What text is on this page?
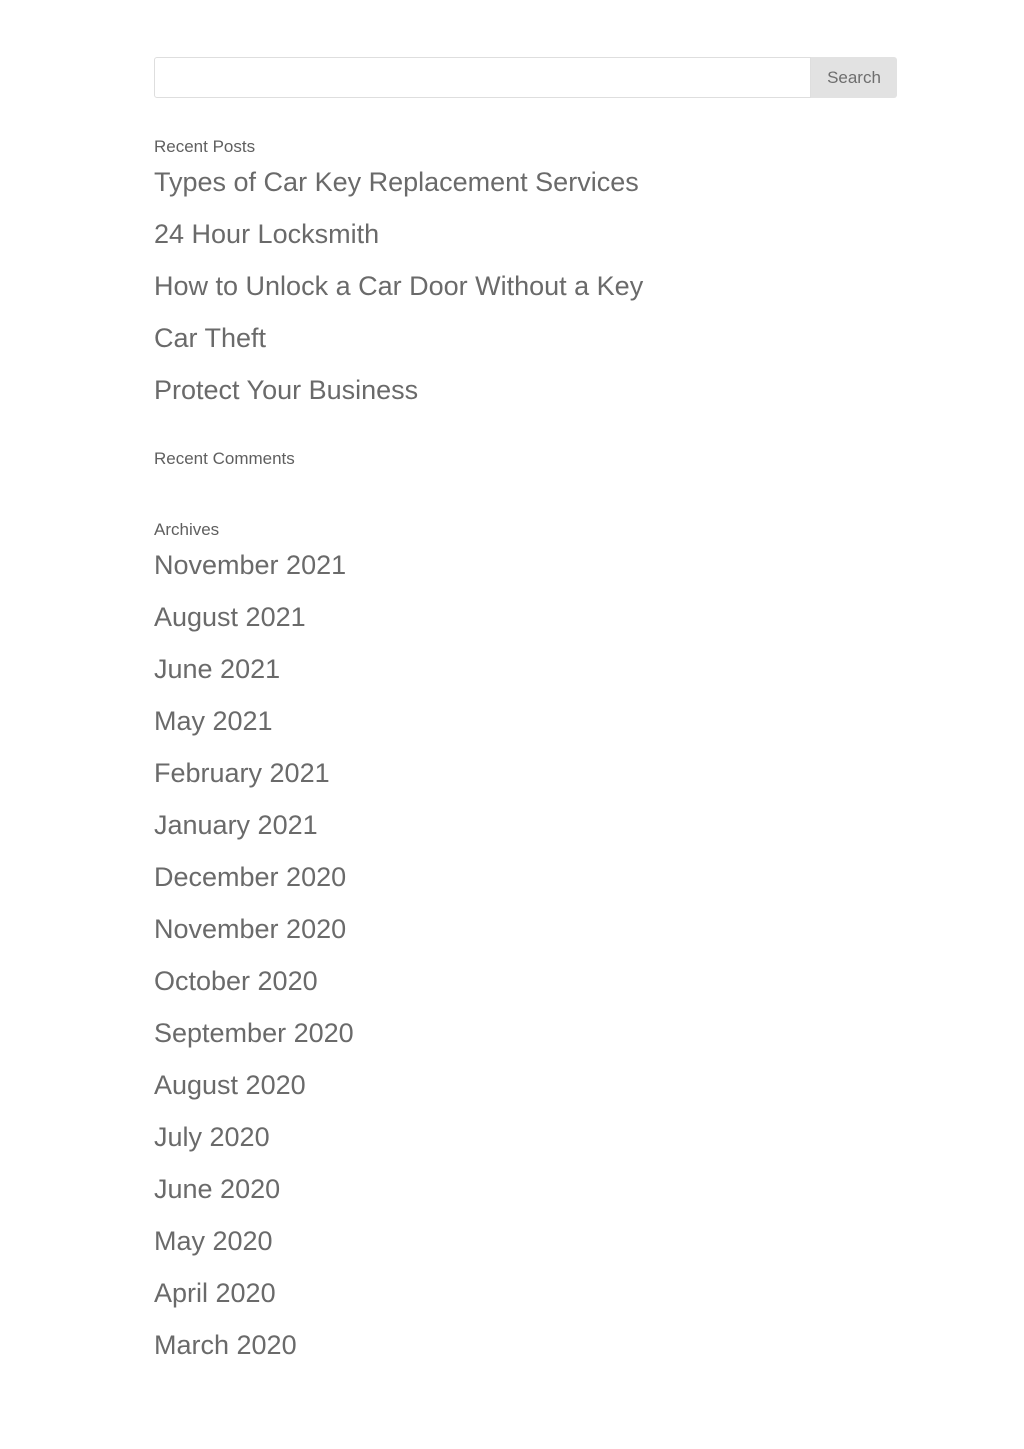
Search
Recent Posts
Types of Car Key Replacement Services
24 Hour Locksmith
How to Unlock a Car Door Without a Key
Car Theft
Protect Your Business
Recent Comments
Archives
November 2021
August 2021
June 2021
May 2021
February 2021
January 2021
December 2020
November 2020
October 2020
September 2020
August 2020
July 2020
June 2020
May 2020
April 2020
March 2020
